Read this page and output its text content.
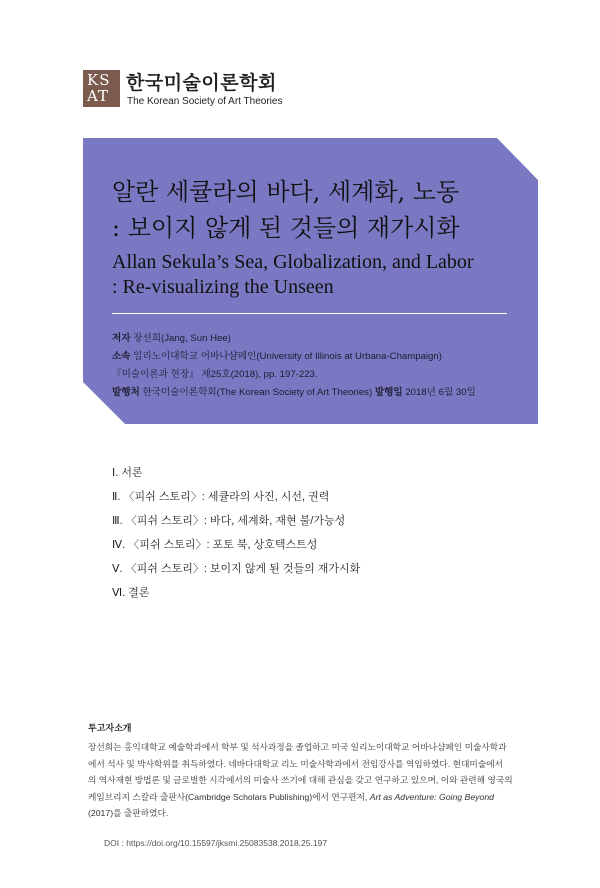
KS
AT
한국미술이론학회
The Korean Society of Art Theories
알란 세큘라의 바다, 세계화, 노동
: 보이지 않게 된 것들의 재가시화
Allan Sekula’s Sea, Globalization, and Labor
: Re-visualizing the Unseen
저자 장선희(Jang, Sun Hee)
소속 일리노이대학교 어바나샴페인(University of Illinois at Urbana-Champaign)
『미술이론과 현장』 제25호(2018), pp. 197-223.
발행처 한국미술이론학회(The Korean Society of Art Theories) 발행일 2018년 6월 30일
Ⅰ. 서론
Ⅱ. 〈피쉬 스토리〉: 세큘라의 사진, 시선, 권력
Ⅲ. 〈피쉬 스토리〉: 바다, 세계화, 재현 불/가능성
Ⅳ. 〈피쉬 스토리〉: 포토 북, 상호텍스트성
Ⅴ. 〈피쉬 스토리〉: 보이지 않게 된 것들의 재가시화
Ⅵ. 결론
투고자소개
장선희는 홍익대학교 예술학과에서 학부 및 석사과정을 졸업하고 미국 일리노이대학교 어바나샴페인 미술사학과
에서 석사 및 박사학위를 취득하였다. 네바다대학교 리노 미술사학과에서 전임강사를 역임하였다. 현대미술에서
의 역사재현 방법론 및 글로벌한 시각에서의 미술사 쓰기에 대해 관심을 갖고 연구하고 있으며, 이와 관련해 영국의
케임브리지 스칼라 출판사(Cambridge Scholars Publishing)에서 연구편저, Art as Adventure: Going Beyond
(2017)를 출판하였다.
DOI : https://doi.org/10.15597/jksmi.25083538.2018.25.197
